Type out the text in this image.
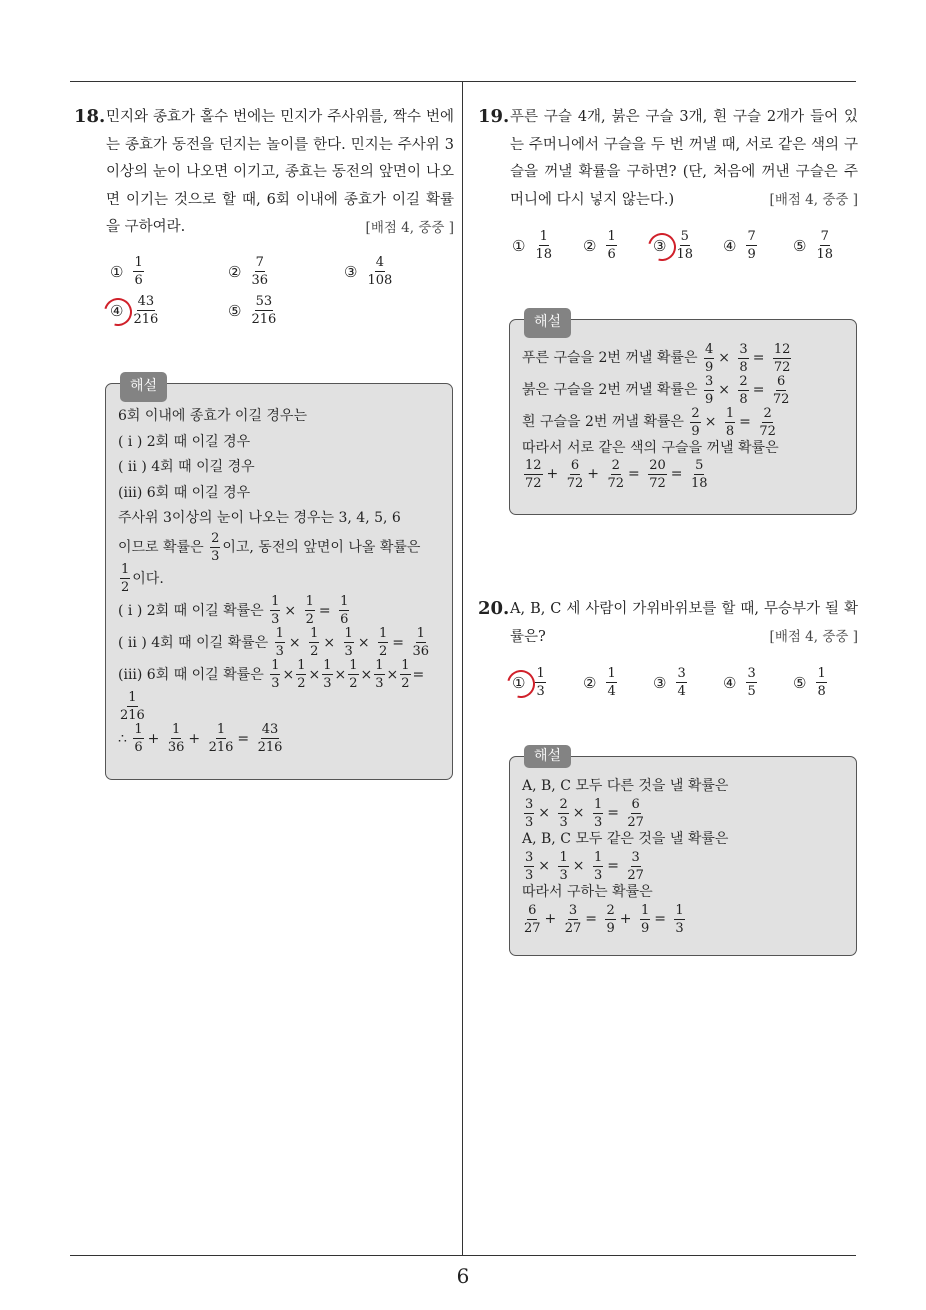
6
18. 민지와 종효가 홀수 번에는 민지가 주사위를, 짝수 번에는 종효가 동전을 던지는 놀이를 한다. 민지는 주사위 3이상의 눈이 나오면 이기고, 종효는 동전의 앞면이 나오면 이기는 것으로 할 때, 6회 이내에 종효가 이길 확률을 구하여라.	[배점 4, 중중 ]
① $\frac{1}{6}$	② $\frac{7}{36}$	③ $\frac{4}{108}$
④ $\frac{43}{216}$	⑤ $\frac{53}{216}$
해설
6회 이내에 종효가 이길 경우는
( i ) 2회 때 이길 경우
( ii ) 4회 때 이길 경우
(iii) 6회 때 이길 경우
주사위 3이상의 눈이 나오는 경우는 3, 4, 5, 6
이므로 확률은 $\frac{2}{3}$ 이고, 동전의 앞면이 나올 확률은
$\frac{1}{2}$ 이다.
( i ) 2회 때 이길 확률은 $\frac{1}{3} \times \frac{1}{2} = \frac{1}{6}$
( ii ) 4회 때 이길 확률은 $\frac{1}{3} \times \frac{1}{2} \times \frac{1}{3} \times \frac{1}{2} = \frac{1}{36}$
(iii) 6회 때 이길 확률은 $\frac{1}{3} \times \frac{1}{2} \times \frac{1}{3} \times \frac{1}{2} \times \frac{1}{3} \times \frac{1}{2}$ =
$\frac{1}{216}$
∴ $\frac{1}{6} + \frac{1}{36} + \frac{1}{216} = \frac{43}{216}$
19. 푸른 구슬 4개, 붉은 구슬 3개, 흰 구슬 2개가 들어 있는 주머니에서 구슬을 두 번 꺼낼 때, 서로 같은 색의 구슬을 꺼낼 확률을 구하면? (단, 처음에 꺼낸 구슬은 주머니에 다시 넣지 않는다.)	[배점 4, 중중 ]
① $\frac{1}{18}$ ② $\frac{1}{6}$ ③ $\frac{5}{18}$ ④ $\frac{7}{9}$ ⑤ $\frac{7}{18}$
해설
푸른 구슬을 2번 꺼낼 확률은 $\frac{4}{9} \times \frac{3}{8} = \frac{12}{72}$
붉은 구슬을 2번 꺼낼 확률은 $\frac{3}{9} \times \frac{2}{8} = \frac{6}{72}$
흰 구슬을 2번 꺼낼 확률은 $\frac{2}{9} \times \frac{1}{8} = \frac{2}{72}$
따라서 서로 같은 색의 구슬을 꺼낼 확률은
$\frac{12}{72} + \frac{6}{72} + \frac{2}{72} = \frac{20}{72} = \frac{5}{18}$
20. A, B, C 세 사람이 가위바위보를 할 때, 무승부가 될 확률은?	[배점 4, 중중 ]
① $\frac{1}{3}$ ② $\frac{1}{4}$ ③ $\frac{3}{4}$ ④ $\frac{3}{5}$ ⑤ $\frac{1}{8}$
해설
A, B, C 모두 다른 것을 낼 확률은
$\frac{3}{3} \times \frac{2}{3} \times \frac{1}{3} = \frac{6}{27}$
A, B, C 모두 같은 것을 낼 확률은
$\frac{3}{3} \times \frac{1}{3} \times \frac{1}{3} = \frac{3}{27}$
따라서 구하는 확률은
$\frac{6}{27} + \frac{3}{27} = \frac{2}{9} + \frac{1}{9} = \frac{1}{3}$
